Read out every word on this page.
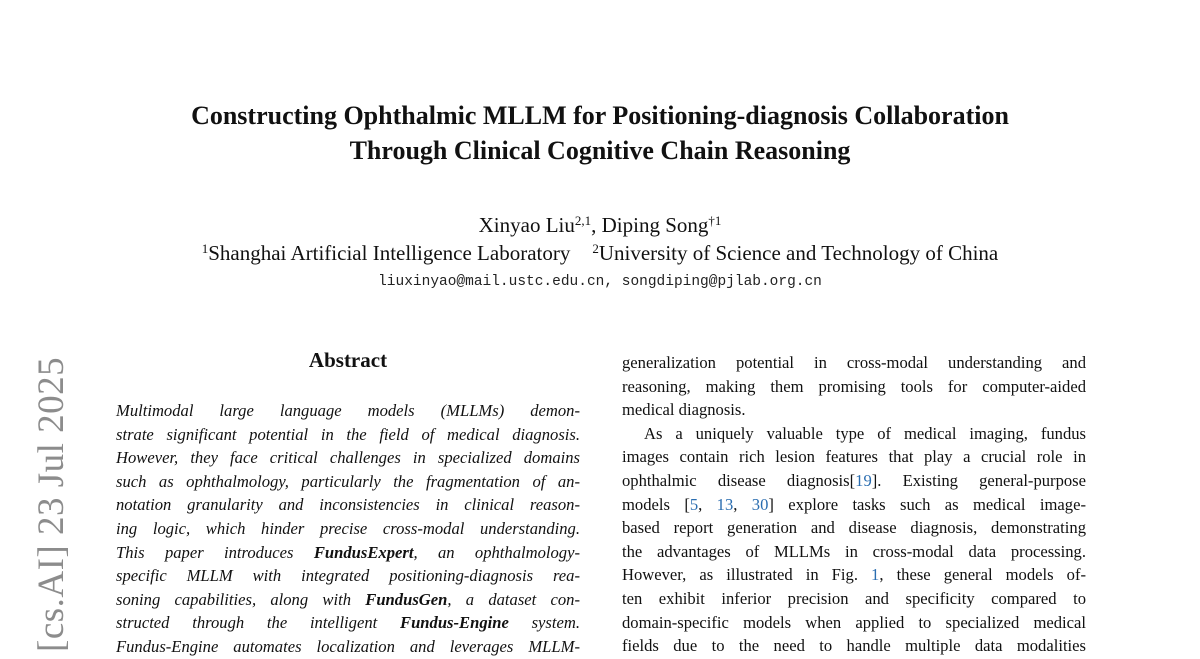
[cs.AI] 23 Jul 2025
Constructing Ophthalmic MLLM for Positioning-diagnosis Collaboration
Through Clinical Cognitive Chain Reasoning
Xinyao Liu$^{2,1}$, Diping Song$^{\dagger 1}$
$^1$Shanghai Artificial Intelligence Laboratory $^2$University of Science and Technology of China
liuxinyao@mail.ustc.edu.cn, songdiping@pjlab.org.cn
Abstract
Multimodal large language models (MLLMs) demon-
strate significant potential in the field of medical diagnosis.
However, they face critical challenges in specialized domains
such as ophthalmology, particularly the fragmentation of an-
notation granularity and inconsistencies in clinical reason-
ing logic, which hinder precise cross-modal understanding.
This paper introduces FundusExpert, an ophthalmology-
specific MLLM with integrated positioning-diagnosis rea-
soning capabilities, along with FundusGen, a dataset con-
structed through the intelligent Fundus-Engine system.
Fundus-Engine automates localization and leverages MLLM-
generalization potential in cross-modal understanding and
reasoning, making them promising tools for computer-aided
medical diagnosis.
As a uniquely valuable type of medical imaging, fundus
images contain rich lesion features that play a crucial role in
ophthalmic disease diagnosis[19]. Existing general-purpose
models [5, 13, 30] explore tasks such as medical image-
based report generation and disease diagnosis, demonstrating
the advantages of MLLMs in cross-modal data processing.
However, as illustrated in Fig. 1, these general models of-
ten exhibit inferior precision and specificity compared to
domain-specific models when applied to specialized medical
fields due to the need to handle multiple data modalities
